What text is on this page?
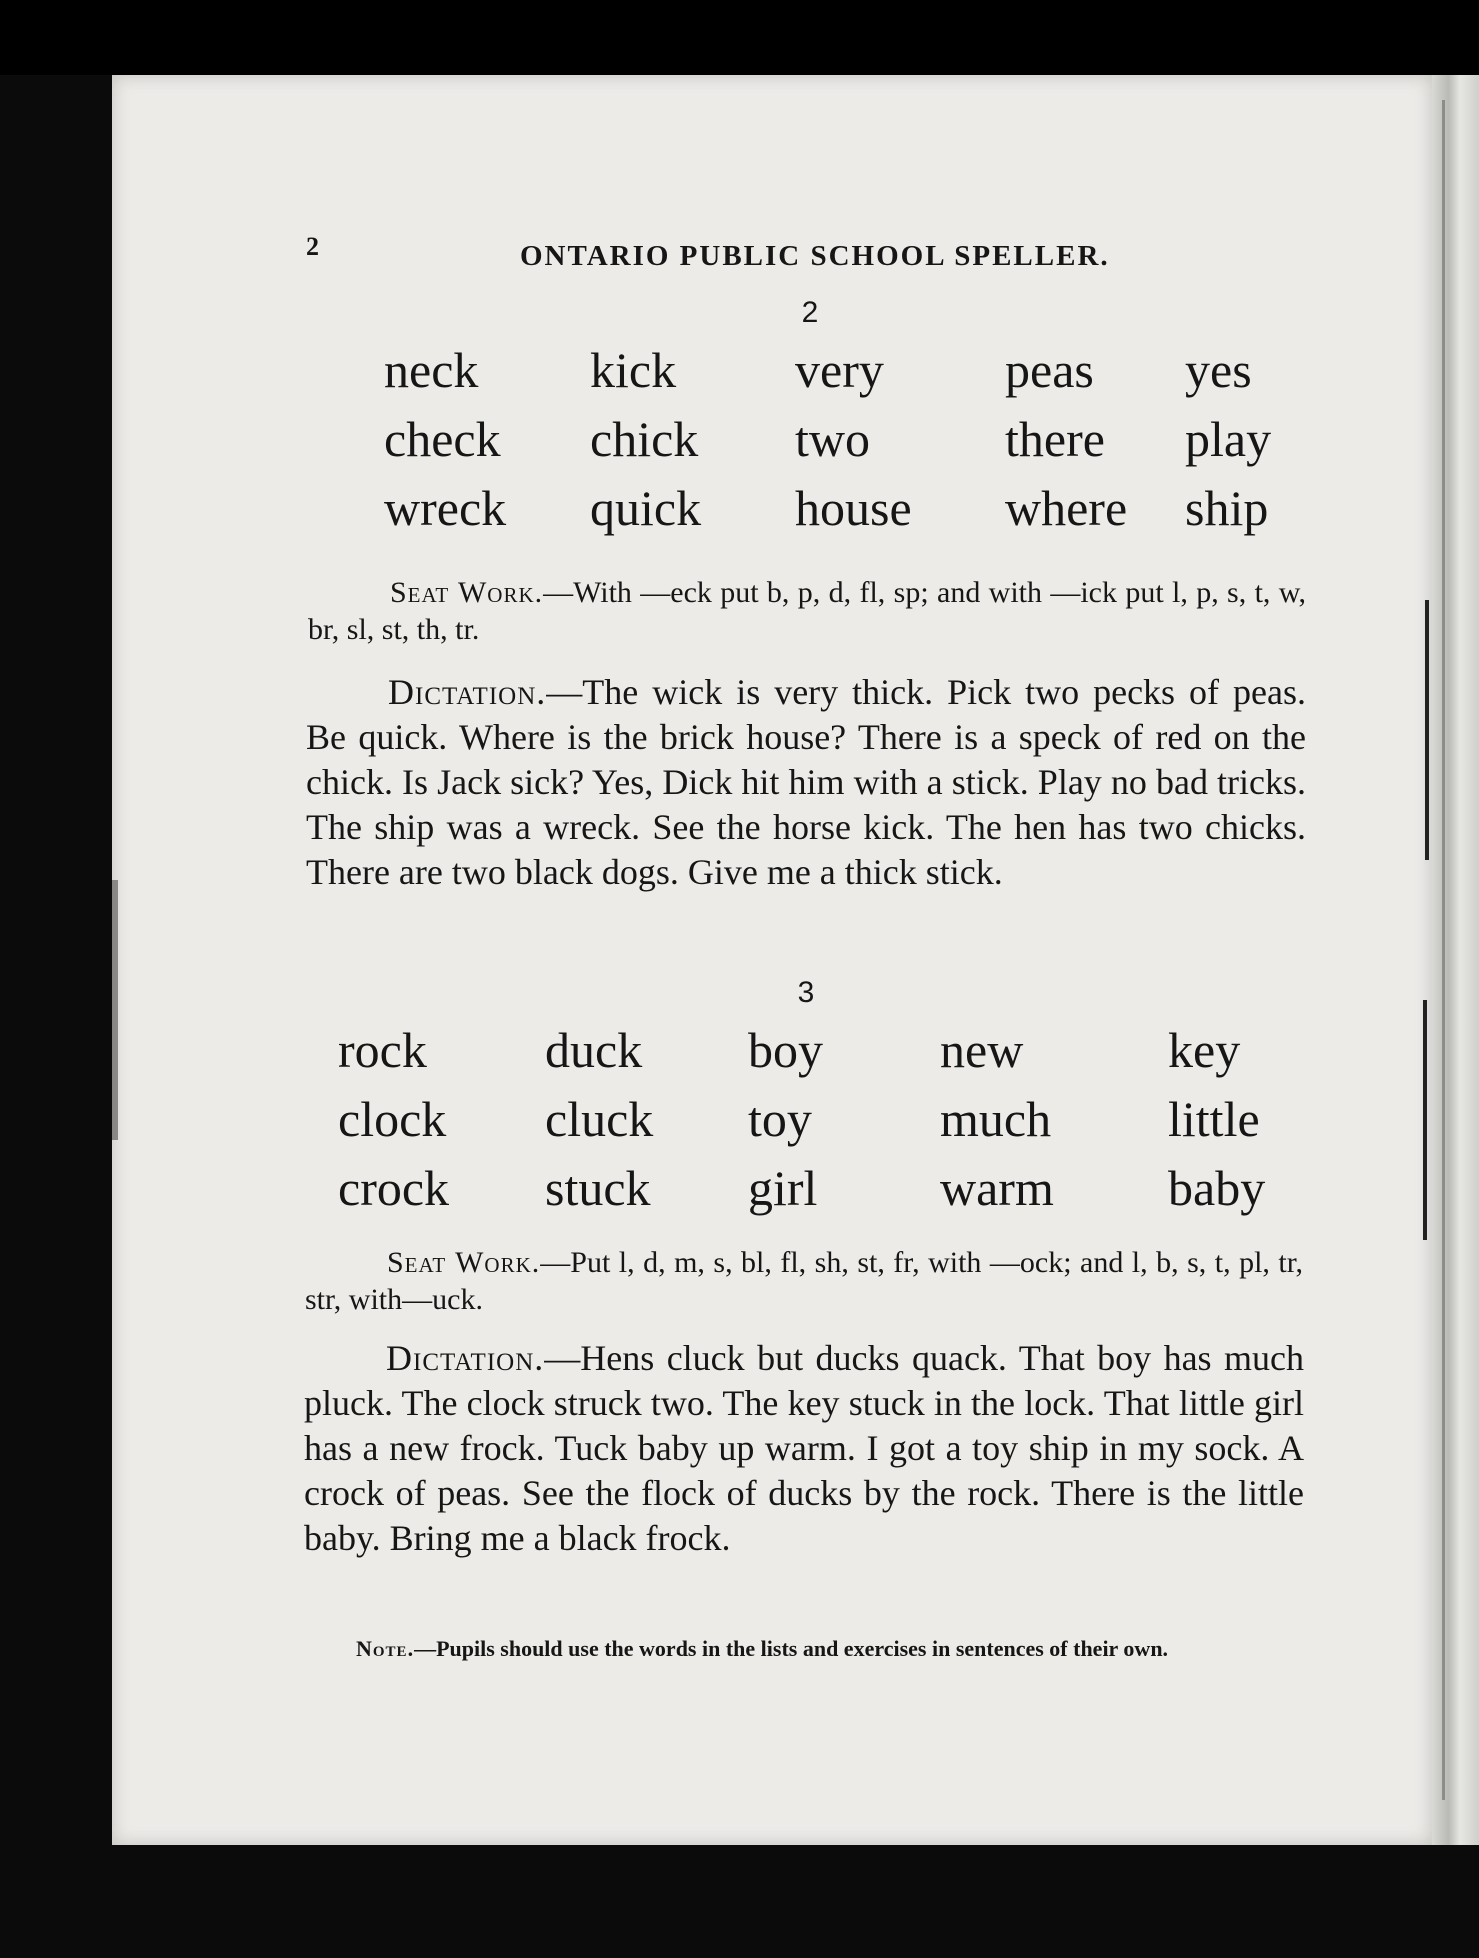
2	ONTARIO PUBLIC SCHOOL SPELLER.
2
neck
check
wreck
kick
chick
quick
very
two
house
peas
there
where
yes
play
ship
Seat Work.—With —eck put b, p, d, fl, sp; and with —ick put l, p, s, t, w, br, sl, st, th, tr.
Dictation.—The wick is very thick. Pick two pecks of peas. Be quick. Where is the brick house? There is a speck of red on the chick. Is Jack sick? Yes, Dick hit him with a stick. Play no bad tricks. The ship was a wreck. See the horse kick. The hen has two chicks. There are two black dogs. Give me a thick stick.
3
rock
clock
crock
duck
cluck
stuck
boy
toy
girl
new
much
warm
key
little
baby
Seat Work.—Put l, d, m, s, bl, fl, sh, st, fr, with —ock; and l, b, s, t, pl, tr, str, with—uck.
Dictation.—Hens cluck but ducks quack. That boy has much pluck. The clock struck two. The key stuck in the lock. That little girl has a new frock. Tuck baby up warm. I got a toy ship in my sock. A crock of peas. See the flock of ducks by the rock. There is the little baby. Bring me a black frock.
Note.—Pupils should use the words in the lists and exercises in sentences of their own.
